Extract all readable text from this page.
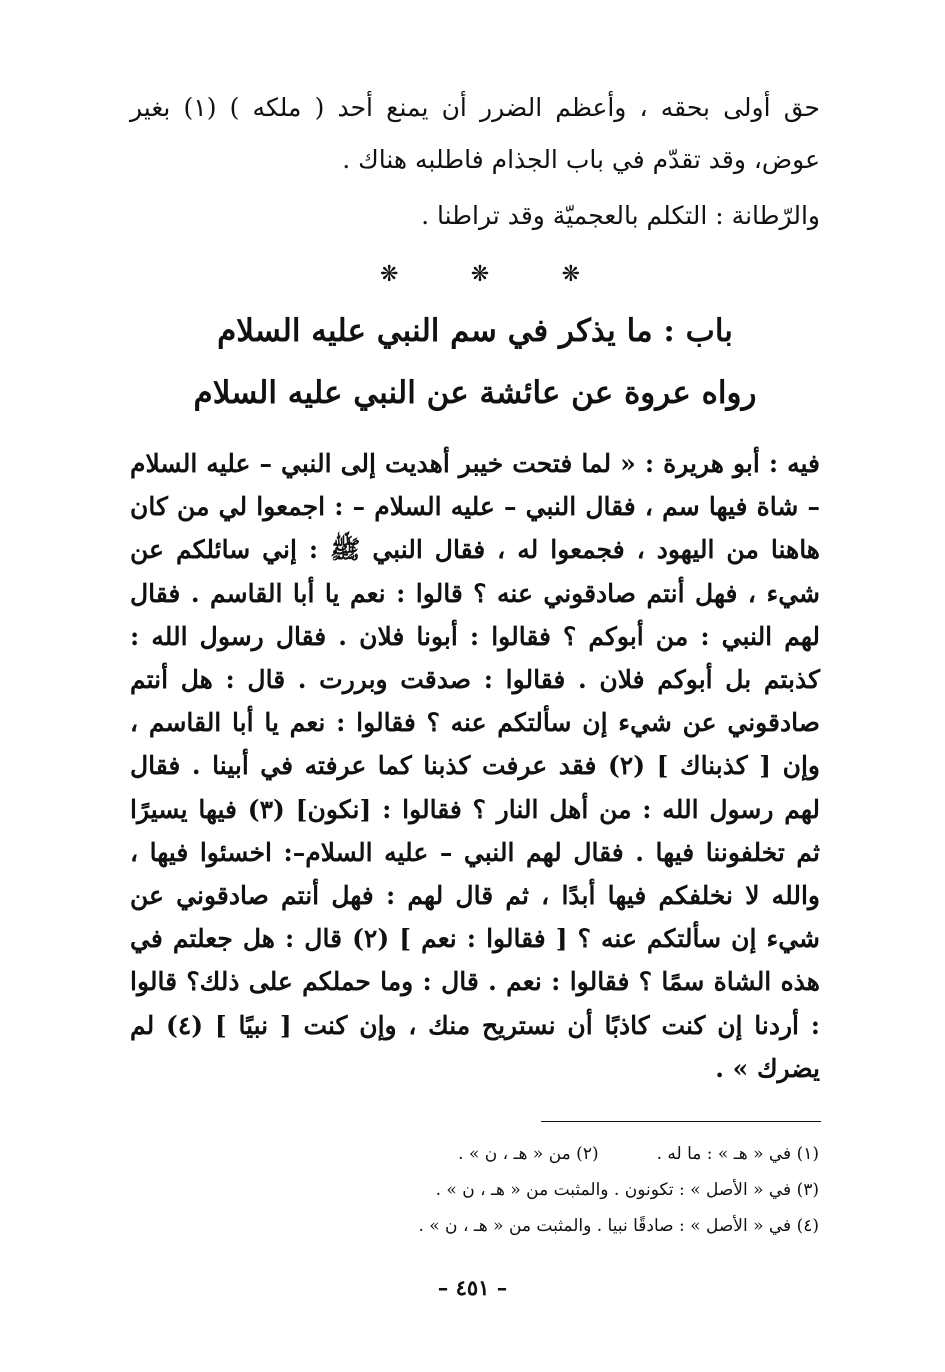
حق أولى بحقه ، وأعظم الضرر أن يمنع أحد ( ملكه ) (١) بغير عوض، وقد تقدّم في باب الجذام فاطلبه هناك .

والرّطانة : التكلم بالعجميّة وقد تراطنا .

❋	❋	❋
باب : ما يذكر في سم النبي عليه السلام
رواه عروة عن عائشة عن النبي عليه السلام

فيه : أبو هريرة : « لما فتحت خيبر أهديت إلى النبي – عليه السلام – شاة فيها سم ، فقال النبي – عليه السلام – : اجمعوا لي من كان هاهنا من اليهود ، فجمعوا له ، فقال النبي ﷺ : إني سائلكم عن شيء ، فهل أنتم صادقوني عنه ؟ قالوا : نعم يا أبا القاسم . فقال لهم النبي : من أبوكم ؟ فقالوا : أبونا فلان . فقال رسول الله : كذبتم بل أبوكم فلان . فقالوا : صدقت وبررت . قال : هل أنتم صادقوني عن شيء إن سألتكم عنه ؟ فقالوا : نعم يا أبا القاسم ، وإن [ كذبناك ] (٢) فقد عرفت كذبنا كما عرفته في أبينا . فقال لهم رسول الله : من أهل النار ؟ فقالوا : [نكون] (٣) فيها يسيرًا ثم تخلفوننا فيها . فقال لهم النبي – عليه السلام–: اخسئوا فيها ، والله لا نخلفكم فيها أبدًا ، ثم قال لهم : فهل أنتم صادقوني عن شيء إن سألتكم عنه ؟ [ فقالوا : نعم ] (٢) قال : هل جعلتم في هذه الشاة سمًا ؟ فقالوا : نعم . قال : وما حملكم على ذلك؟ قالوا : أردنا إن كنت كاذبًا أن نستريح منك ، وإن كنت [ نبيًا ] (٤) لم يضرك » .

(١) في « هـ » : ما له .
(٢) من « هـ ، ن » .
(٣) في « الأصل » : تكونون . والمثبت من « هـ ، ن » .
(٤) في « الأصل » : صادقًا نبيا . والمثبت من « هـ ، ن » .
– ٤٥١ –
